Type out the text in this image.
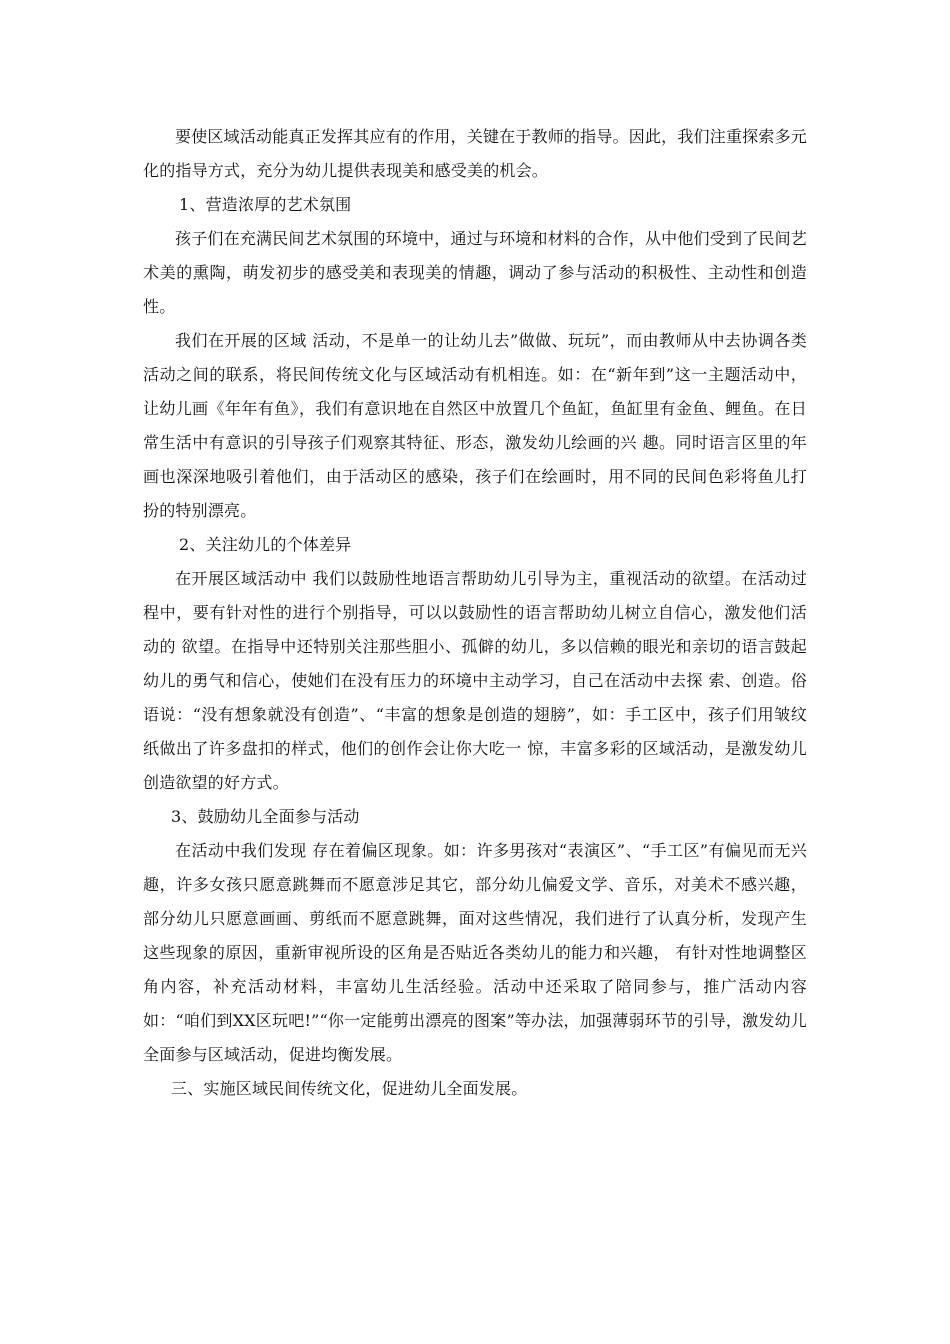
要使区域活动能真正发挥其应有的作用，关键在于教师的指导。因此，我们注重探索多元化的指导方式，充分为幼儿提供表现美和感受美的机会。

1、营造浓厚的艺术氛围

孩子们在充满民间艺术氛围的环境中，通过与环境和材料的合作，从中他们受到了民间艺术美的熏陶，萌发初步的感受美和表现美的情趣，调动了参与活动的积极性、主动性和创造性。

我们在开展的区域 活动，不是单一的让幼儿去”做做、玩玩”，而由教师从中去协调各类活动之间的联系，将民间传统文化与区域活动有机相连。如：在“新年到”这一主题活动中， 让幼儿画《年年有鱼》，我们有意识地在自然区中放置几个鱼缸，鱼缸里有金鱼、鲤鱼。在日常生活中有意识的引导孩子们观察其特征、形态，激发幼儿绘画的兴 趣。同时语言区里的年画也深深地吸引着他们，由于活动区的感染，孩子们在绘画时，用不同的民间色彩将鱼儿打扮的特别漂亮。

2、关注幼儿的个体差异

在开展区域活动中 我们以鼓励性地语言帮助幼儿引导为主，重视活动的欲望。在活动过程中，要有针对性的进行个别指导，可以以鼓励性的语言帮助幼儿树立自信心，激发他们活动的 欲望。在指导中还特别关注那些胆小、孤僻的幼儿，多以信赖的眼光和亲切的语言鼓起幼儿的勇气和信心，使她们在没有压力的环境中主动学习，自己在活动中去探 索、创造。俗语说：“没有想象就没有创造”、“丰富的想象是创造的翅膀”，如：手工区中，孩子们用皱纹纸做出了许多盘扣的样式，他们的创作会让你大吃一 惊，丰富多彩的区域活动，是激发幼儿创造欲望的好方式。

3、鼓励幼儿全面参与活动

在活动中我们发现 存在着偏区现象。如：许多男孩对“表演区”、“手工区”有偏见而无兴趣，许多女孩只愿意跳舞而不愿意涉足其它，部分幼儿偏爱文学、音乐，对美术不感兴趣， 部分幼儿只愿意画画、剪纸而不愿意跳舞，面对这些情况，我们进行了认真分析，发现产生这些现象的原因，重新审视所设的区角是否贴近各类幼儿的能力和兴趣， 有针对性地调整区角内容，补充活动材料，丰富幼儿生活经验。活动中还采取了陪同参与，推广活动内容如：“咱们到XX区玩吧!”“你一定能剪出漂亮的图案”等办法，加强薄弱环节的引导，激发幼儿全面参与区域活动，促进均衡发展。

三、实施区域民间传统文化，促进幼儿全面发展。
